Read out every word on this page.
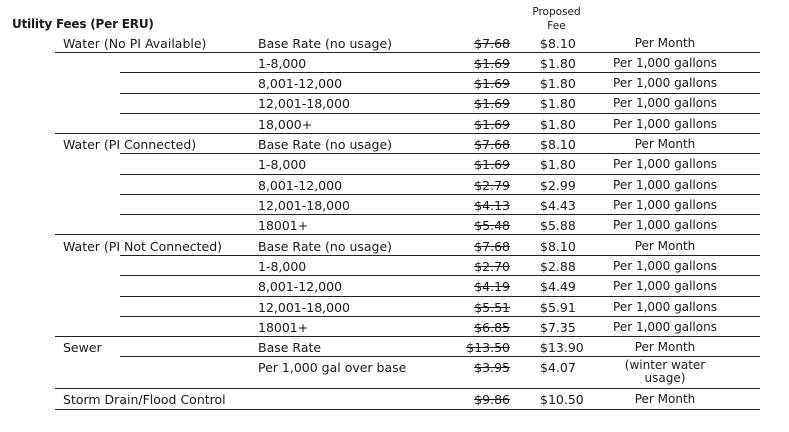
Utility Fees (Per ERU)
Proposed
Fee
Water (No PI Available)	Base Rate (no usage)	$7.68 $8.10	Per Month
1-8,000	$1.69 $1.80	Per 1,000 gallons
8,001-12,000	$1.69 $1.80	Per 1,000 gallons
12,001-18,000	$1.69 $1.80	Per 1,000 gallons
18,000+	$1.69 $1.80	Per 1,000 gallons
Water (PI Connected)	Base Rate (no usage)	$7.68 $8.10	Per Month
1-8,000	$1.69 $1.80	Per 1,000 gallons
8,001-12,000	$2.79 $2.99	Per 1,000 gallons
12,001-18,000	$4.13 $4.43	Per 1,000 gallons
18001+	$5.48 $5.88	Per 1,000 gallons
Water (PI Not Connected)	Base Rate (no usage)	$7.68 $8.10	Per Month
1-8,000	$2.70 $2.88	Per 1,000 gallons
8,001-12,000	$4.19 $4.49	Per 1,000 gallons
12,001-18,000	$5.51 $5.91	Per 1,000 gallons
18001+	$6.85 $7.35	Per 1,000 gallons
Sewer	Base Rate	$13.50 $13.90	Per Month
Per 1,000 gal over base	$3.95 $4.07	(winter water
usage)
Storm Drain/Flood Control	$9.86 $10.50	Per Month
